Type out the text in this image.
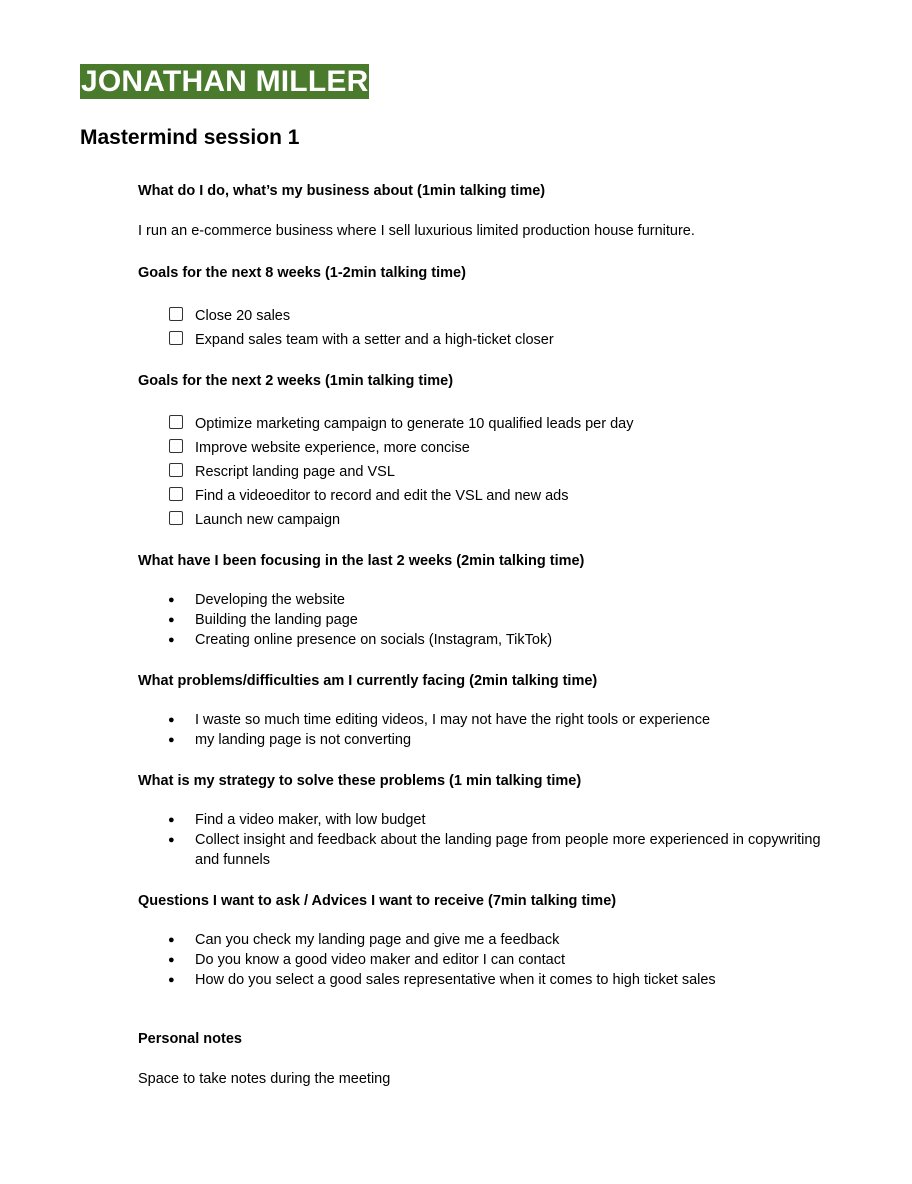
JONATHAN MILLER
Mastermind session 1

What do I do, what’s my business about (1min talking time)

I run an e-commerce business where I sell luxurious limited production house furniture.

Goals for the next 8 weeks (1-2min talking time)

Close 20 sales
Expand sales team with a setter and a high-ticket closer

Goals for the next 2 weeks (1min talking time)

Optimize marketing campaign to generate 10 qualified leads per day
Improve website experience, more concise
Rescript landing page and VSL
Find a videoeditor to record and edit the VSL and new ads
Launch new campaign

What have I been focusing in the last 2 weeks (2min talking time)

● Developing the website
● Building the landing page
● Creating online presence on socials (Instagram, TikTok)

What problems/difficulties am I currently facing (2min talking time)

● I waste so much time editing videos, I may not have the right tools or experience
● my landing page is not converting

What is my strategy to solve these problems (1 min talking time)

● Find a video maker, with low budget
● Collect insight and feedback about the landing page from people more experienced in copywriting and funnels

Questions I want to ask / Advices I want to receive (7min talking time)

● Can you check my landing page and give me a feedback
● Do you know a good video maker and editor I can contact
● How do you select a good sales representative when it comes to high ticket sales

Personal notes

Space to take notes during the meeting
